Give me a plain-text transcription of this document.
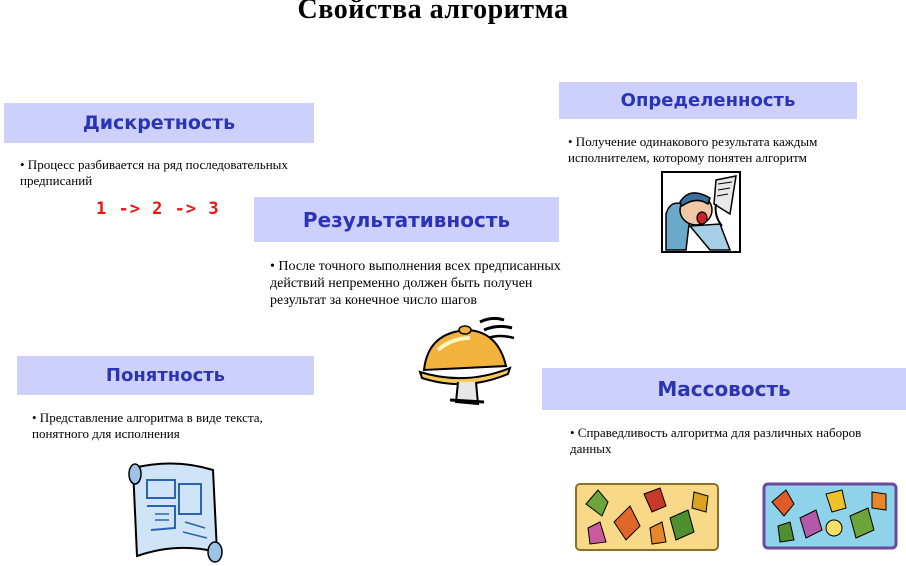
Свойства алгоритма
Дискретность
• Процесс разбивается на ряд последовательных предписаний
1 -> 2 -> 3
Определенность
• Получение одинакового результата каждым исполнителем, которому понятен алгоритм
Результативность
• После точного выполнения всех предписанных действий непременно должен быть получен результат за конечное число шагов
Понятность
• Представление алгоритма в виде текста, понятного для исполнения
Массовость
• Справедливость алгоритма для различных наборов данных
